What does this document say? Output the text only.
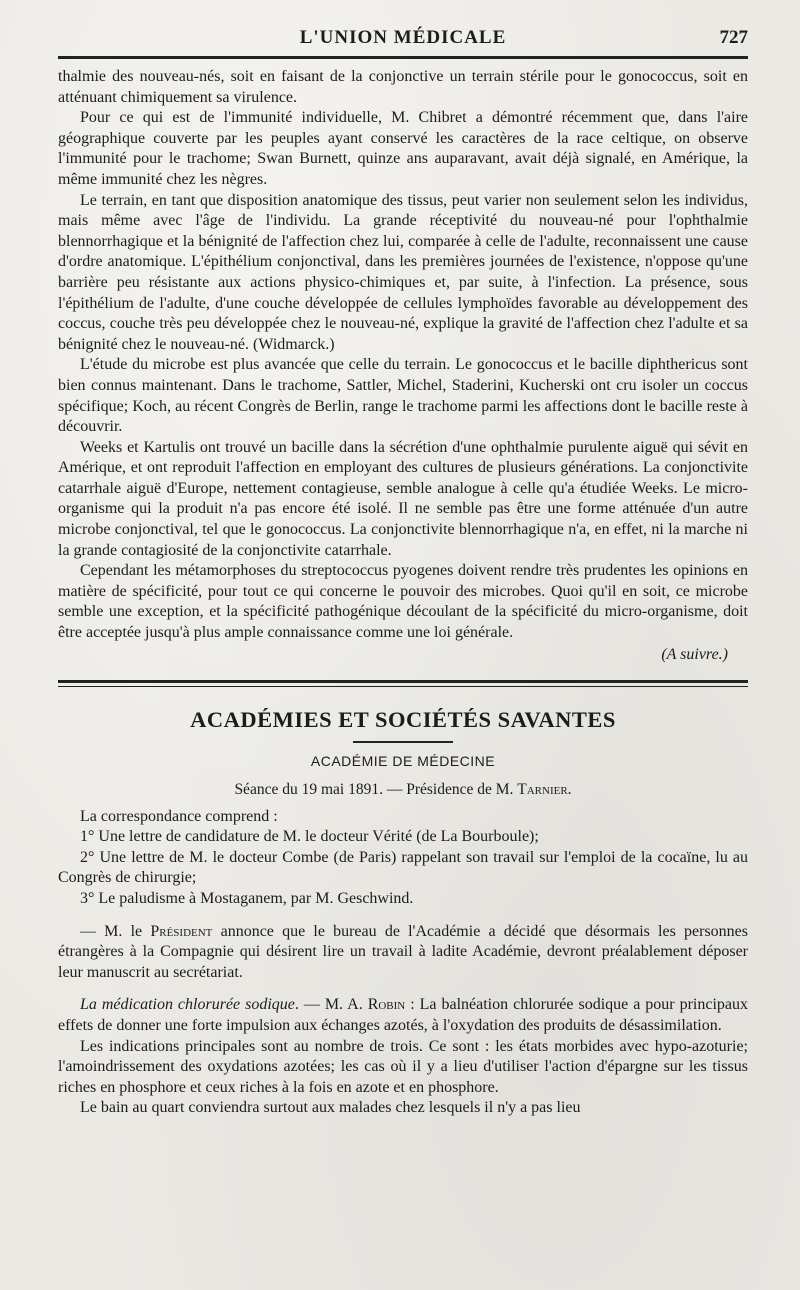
L'UNION MÉDICALE	727

thalmie des nouveau-nés, soit en faisant de la conjonctive un terrain stérile pour le gonococcus, soit en atténuant chimiquement sa virulence.

Pour ce qui est de l'immunité individuelle, M. Chibret a démontré récemment que, dans l'aire géographique couverte par les peuples ayant conservé les caractères de la race celtique, on observe l'immunité pour le trachome; Swan Burnett, quinze ans auparavant, avait déjà signalé, en Amérique, la même immunité chez les nègres.

Le terrain, en tant que disposition anatomique des tissus, peut varier non seulement selon les individus, mais même avec l'âge de l'individu. La grande réceptivité du nouveau-né pour l'ophthalmie blennorrhagique et la bénignité de l'affection chez lui, comparée à celle de l'adulte, reconnaissent une cause d'ordre anatomique. L'épithélium conjonctival, dans les premières journées de l'existence, n'oppose qu'une barrière peu résistante aux actions physico-chimiques et, par suite, à l'infection. La présence, sous l'épithélium de l'adulte, d'une couche développée de cellules lymphoïdes favorable au développement des coccus, couche très peu développée chez le nouveau-né, explique la gravité de l'affection chez l'adulte et sa bénignité chez le nouveau-né. (Widmarck.)

L'étude du microbe est plus avancée que celle du terrain. Le gonococcus et le bacille diphthericus sont bien connus maintenant. Dans le trachome, Sattler, Michel, Staderini, Kucherski ont cru isoler un coccus spécifique; Koch, au récent Congrès de Berlin, range le trachome parmi les affections dont le bacille reste à découvrir.

Weeks et Kartulis ont trouvé un bacille dans la sécrétion d'une ophthalmie purulente aiguë qui sévit en Amérique, et ont reproduit l'affection en employant des cultures de plusieurs générations. La conjonctivite catarrhale aiguë d'Europe, nettement contagieuse, semble analogue à celle qu'a étudiée Weeks. Le micro-organisme qui la produit n'a pas encore été isolé. Il ne semble pas être une forme atténuée d'un autre microbe conjonctival, tel que le gonococcus. La conjonctivite blennorrhagique n'a, en effet, ni la marche ni la grande contagiosité de la conjonctivite catarrhale.

Cependant les métamorphoses du streptococcus pyogenes doivent rendre très prudentes les opinions en matière de spécificité, pour tout ce qui concerne le pouvoir des microbes. Quoi qu'il en soit, ce microbe semble une exception, et la spécificité pathogénique découlant de la spécificité du micro-organisme, doit être acceptée jusqu'à plus ample connaissance comme une loi générale.

(A suivre.)
ACADÉMIES ET SOCIÉTÉS SAVANTES
ACADÉMIE DE MÉDECINE
Séance du 19 mai 1891. — Présidence de M. Tarnier.

La correspondance comprend :

1° Une lettre de candidature de M. le docteur Vérité (de La Bourboule);

2° Une lettre de M. le docteur Combe (de Paris) rappelant son travail sur l'emploi de la cocaïne, lu au Congrès de chirurgie;

3° Le paludisme à Mostaganem, par M. Geschwind.

— M. le Président annonce que le bureau de l'Académie a décidé que désormais les personnes étrangères à la Compagnie qui désirent lire un travail à ladite Académie, devront préalablement déposer leur manuscrit au secrétariat.

La médication chlorurée sodique. — M. A. Robin : La balnéation chlorurée sodique a pour principaux effets de donner une forte impulsion aux échanges azotés, à l'oxydation des produits de désassimilation.

Les indications principales sont au nombre de trois. Ce sont : les états morbides avec hypo-azoturie; l'amoindrissement des oxydations azotées; les cas où il y a lieu d'utiliser l'action d'épargne sur les tissus riches en phosphore et ceux riches à la fois en azote et en phosphore.

Le bain au quart conviendra surtout aux malades chez lesquels il n'y a pas lieu
